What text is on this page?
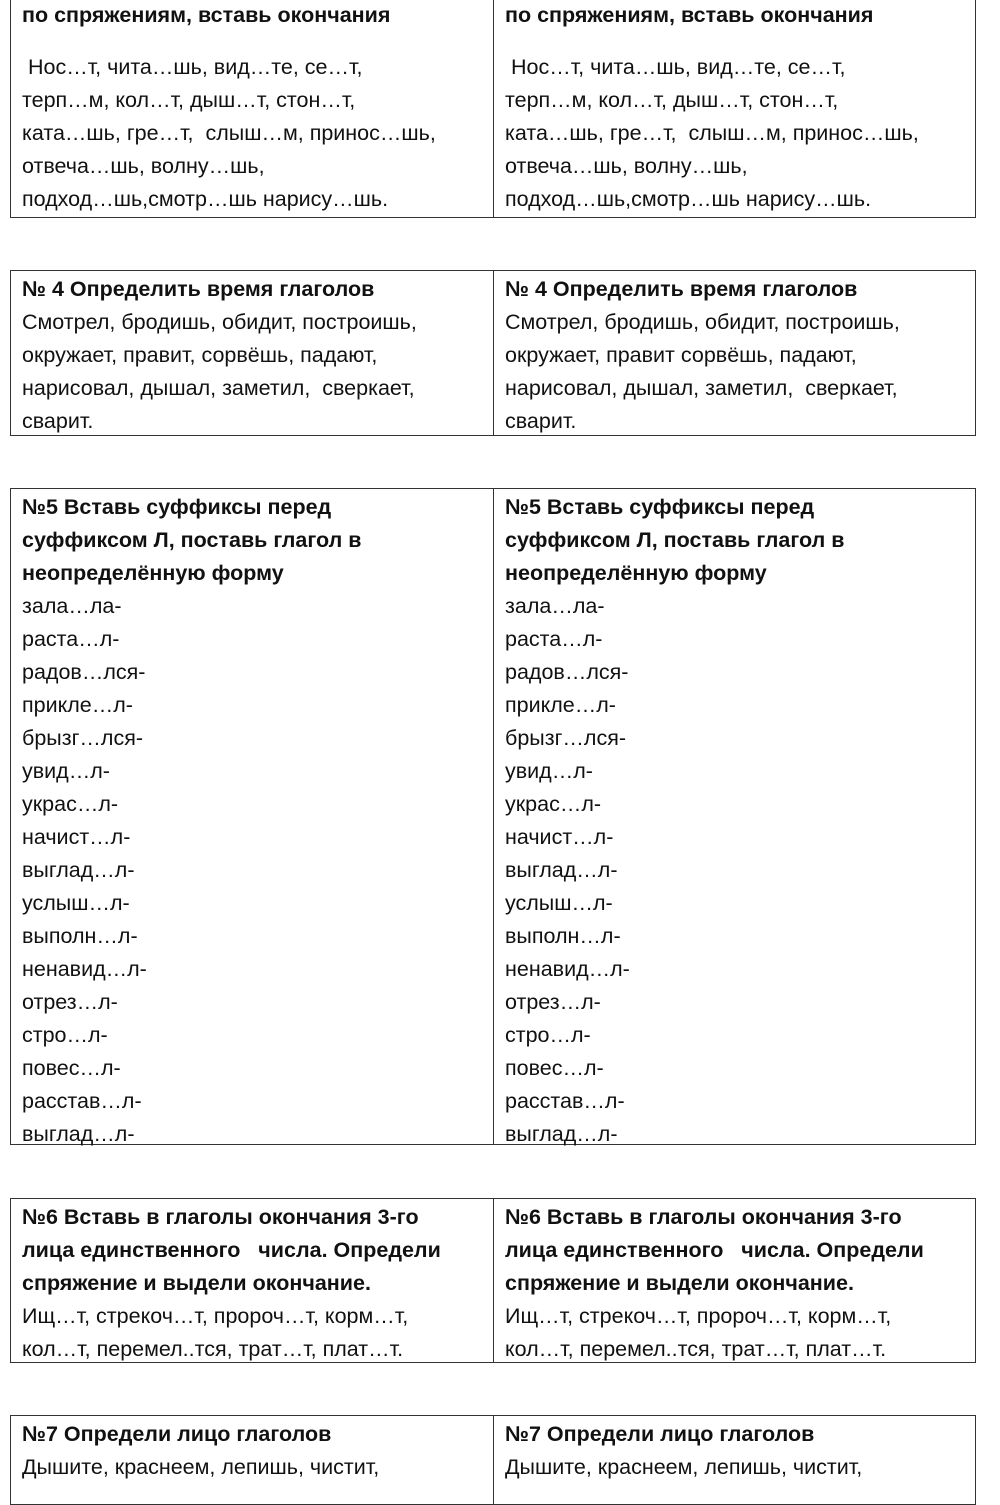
по спряжениям, вставь окончания
Нос…т, чита…шь, вид…те, се…т,
терп…м, кол…т, дыш…т, стон…т,
ката…шь, гре…т,  слыш…м, принос…шь,
отвеча…шь, волну…шь,
подход…шь,смотр…шь нарису…шь.
по спряжениям, вставь окончания
Нос…т, чита…шь, вид…те, се…т,
терп…м, кол…т, дыш…т, стон…т,
ката…шь, гре…т,  слыш…м, принос…шь,
отвеча…шь, волну…шь,
подход…шь,смотр…шь нарису…шь.
№ 4 Определить время глаголов
Смотрел, бродишь, обидит, построишь,
окружает, правит, сорвёшь, падают,
нарисовал, дышал, заметил,  сверкает,
сварит.
№ 4 Определить время глаголов
Смотрел, бродишь, обидит, построишь,
окружает, правит сорвёшь, падают,
нарисовал, дышал, заметил,  сверкает,
сварит.
№5 Вставь суффиксы перед
суффиксом Л, поставь глагол в
неопределённую форму
зала…ла-
раста…л-
радов…лся-
прикле…л-
брызг…лся-
увид…л-
украс…л-
начист…л-
выглад…л-
услыш…л-
выполн…л-
ненавид…л-
отрез…л-
стро…л-
повес…л-
расстав…л-
выглад…л-
№5 Вставь суффиксы перед
суффиксом Л, поставь глагол в
неопределённую форму
зала…ла-
раста…л-
радов…лся-
прикле…л-
брызг…лся-
увид…л-
украс…л-
начист…л-
выглад…л-
услыш…л-
выполн…л-
ненавид…л-
отрез…л-
стро…л-
повес…л-
расстав…л-
выглад…л-
№6 Вставь в глаголы окончания 3-го
лица единственного   числа. Определи
спряжение и выдели окончание.
Ищ…т, стрекоч…т, пророч…т, корм…т,
кол…т, перемел..тся, трат…т, плат…т.
№6 Вставь в глаголы окончания 3-го
лица единственного   числа. Определи
спряжение и выдели окончание.
Ищ…т, стрекоч…т, пророч…т, корм…т,
кол…т, перемел..тся, трат…т, плат…т.
№7 Определи лицо глаголов
Дышите, краснеем, лепишь, чистит,
№7 Определи лицо глаголов
Дышите, краснеем, лепишь, чистит,
